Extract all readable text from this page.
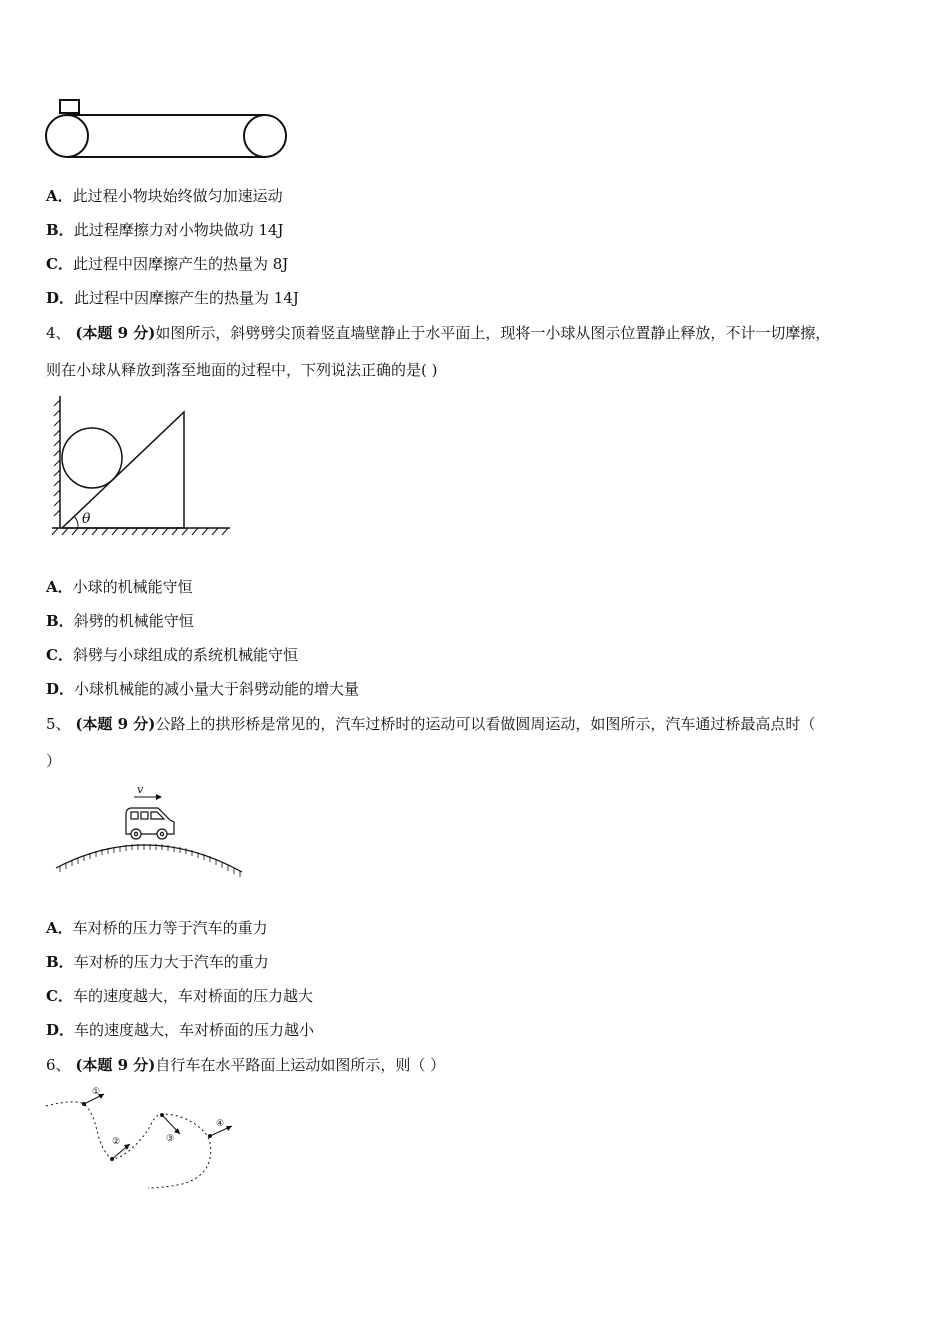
A．此过程小物块始终做匀加速运动
B．此过程摩擦力对小物块做功 14J
C．此过程中因摩擦产生的热量为 8J
D．此过程中因摩擦产生的热量为 14J
4、 (本题 9 分)如图所示，斜劈劈尖顶着竖直墙壁静止于水平面上，现将一小球从图示位置静止释放，不计一切摩擦，
则在小球从释放到落至地面的过程中，下列说法正确的是( )
θ
A．小球的机械能守恒
B．斜劈的机械能守恒
C．斜劈与小球组成的系统机械能守恒
D．小球机械能的减小量大于斜劈动能的增大量
5、 (本题 9 分)公路上的拱形桥是常见的，汽车过桥时的运动可以看做圆周运动，如图所示，汽车通过桥最高点时（
）
v
A．车对桥的压力等于汽车的重力
B．车对桥的压力大于汽车的重力
C．车的速度越大，车对桥面的压力越大
D．车的速度越大，车对桥面的压力越小
6、 (本题 9 分)自行车在水平路面上运动如图所示，则（ ）
①
②	③
④
